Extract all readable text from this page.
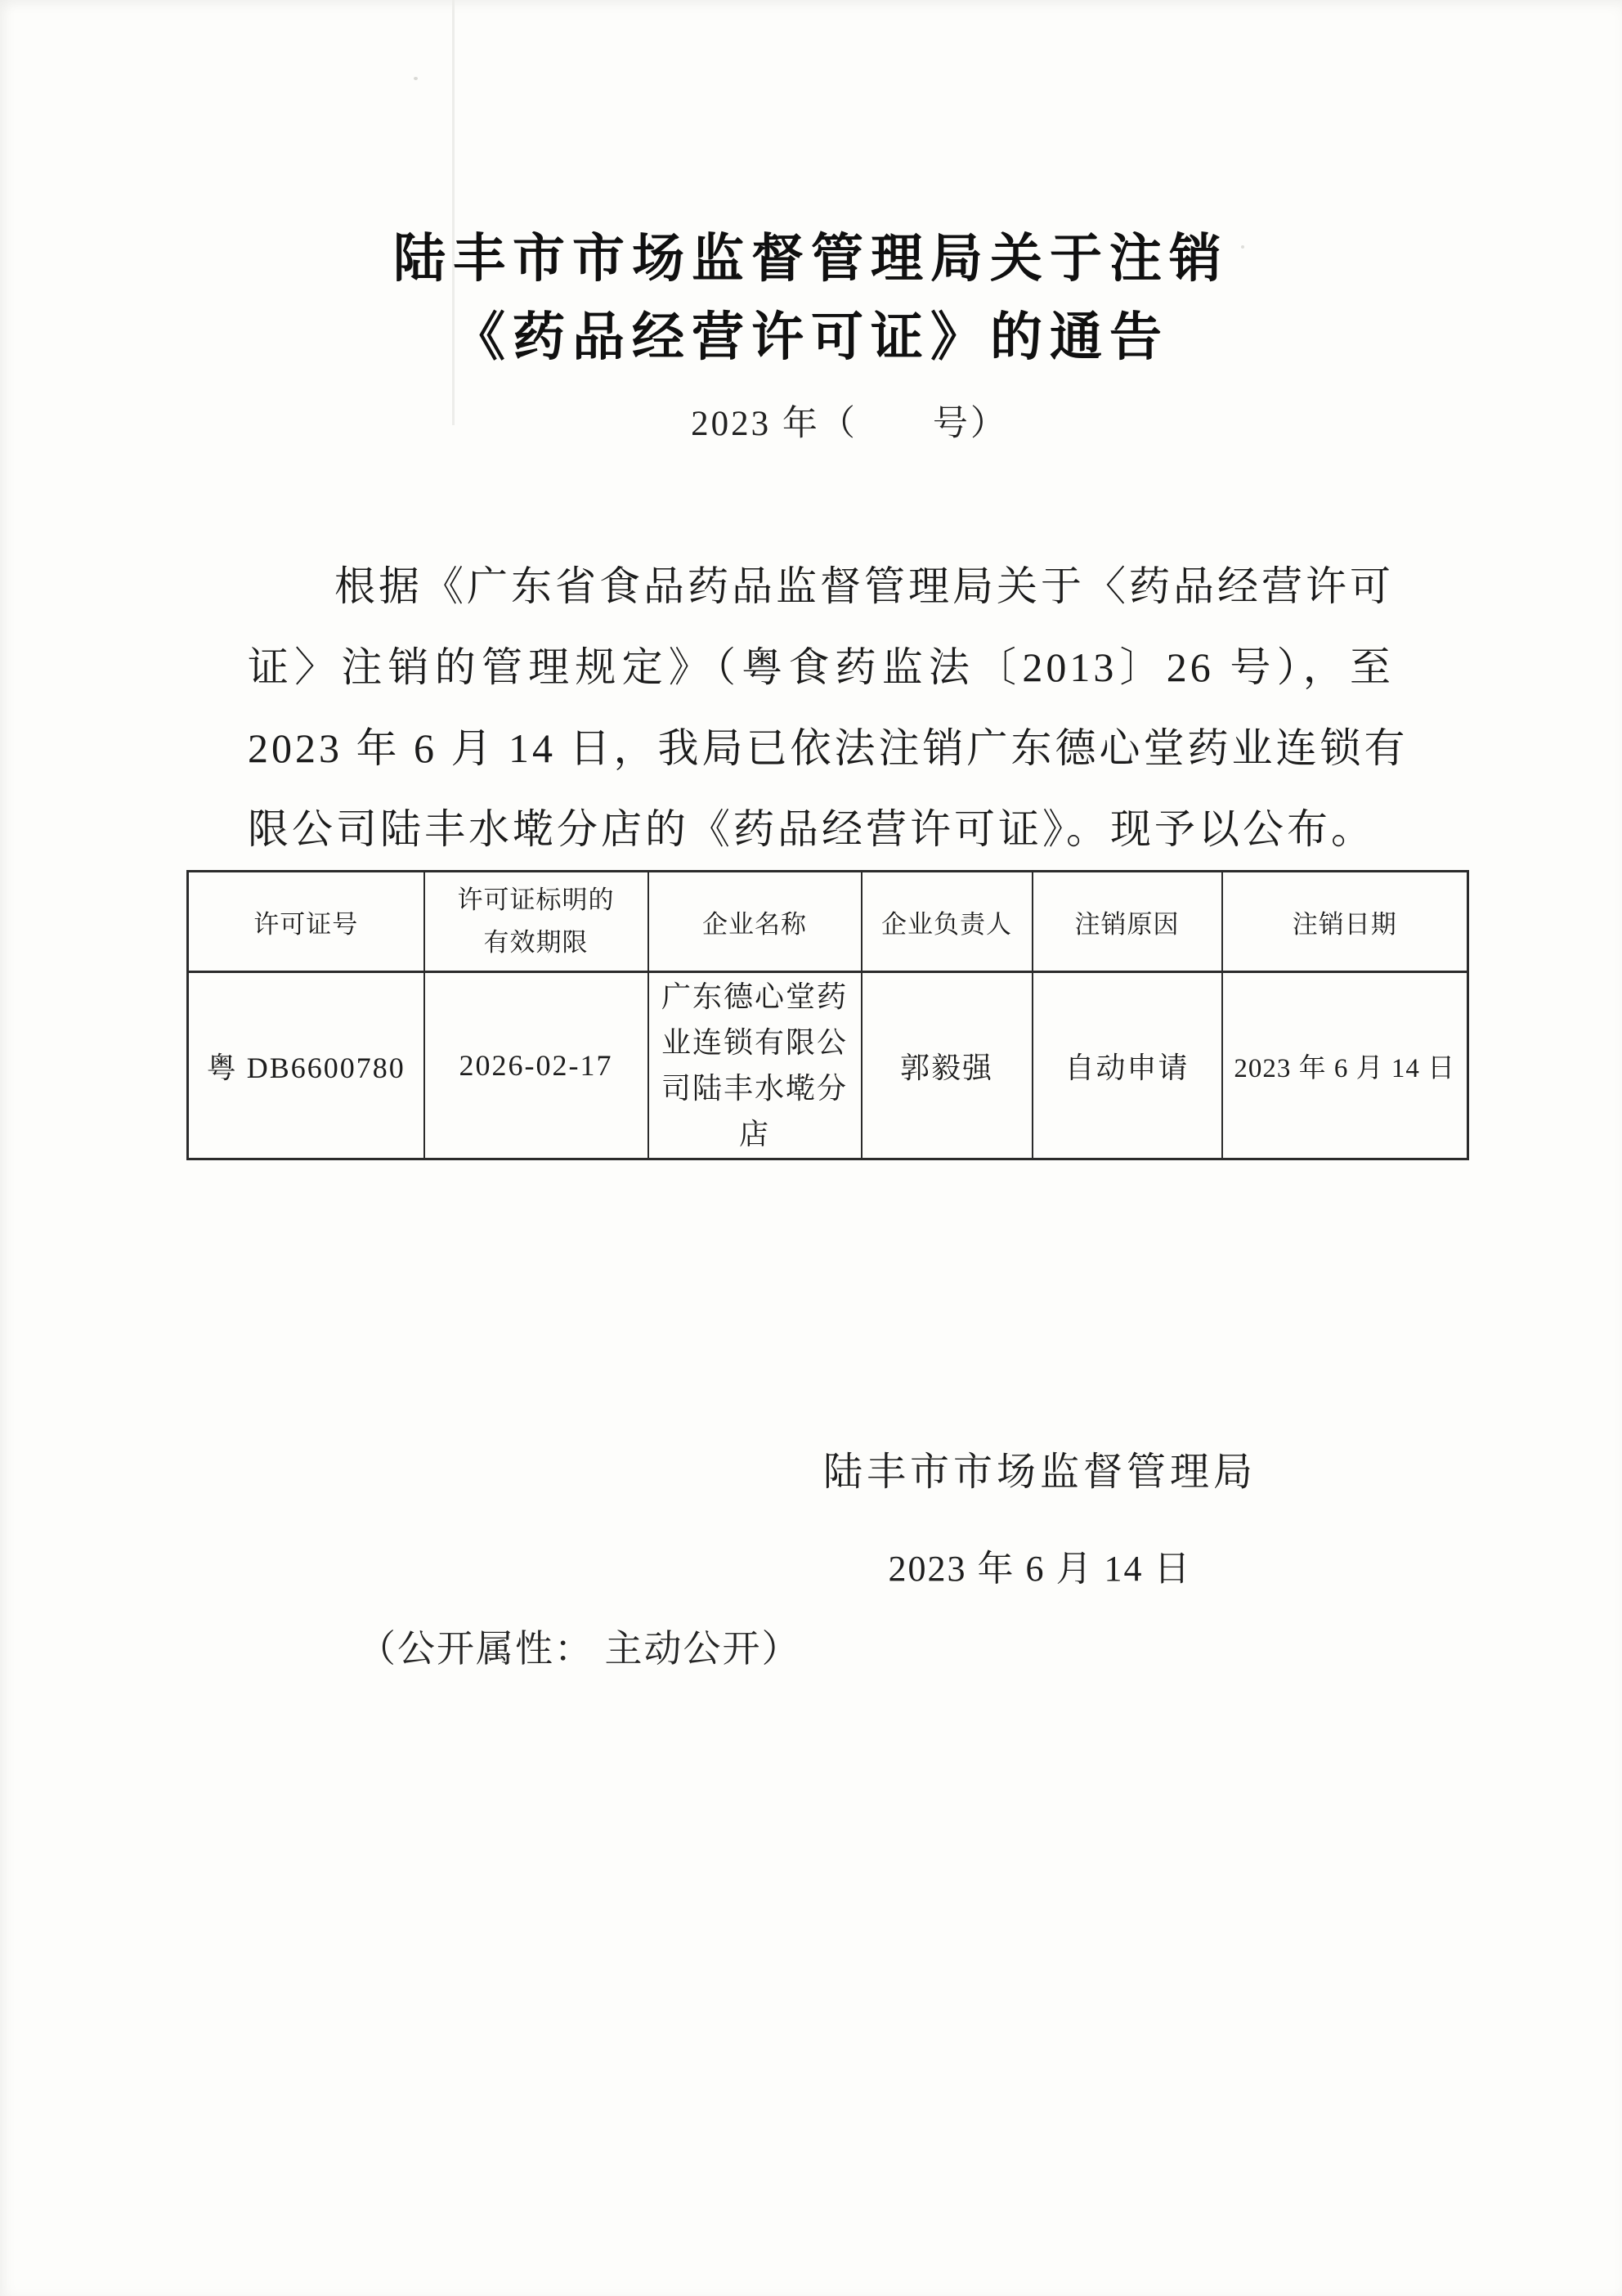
陆丰市市场监督管理局关于注销
《药品经营许可证》的通告
2023 年（　　号）
根据《广东省食品药品监督管理局关于〈药品经营许可
证〉注销的管理规定》（粤食药监法〔2013〕26 号），至
2023 年 6 月 14 日，我局已依法注销广东德心堂药业连锁有
限公司陆丰水墘分店的《药品经营许可证》。现予以公布。
许可证号	许可证标明的有效期限	企业名称	企业负责人	注销原因	注销日期
粤 DB6600780	2026-02-17	广东德心堂药业连锁有限公司陆丰水墘分店	郭毅强	自动申请	2023 年 6 月 14 日
陆丰市市场监督管理局
2023 年 6 月 14 日
（公开属性： 主动公开）
